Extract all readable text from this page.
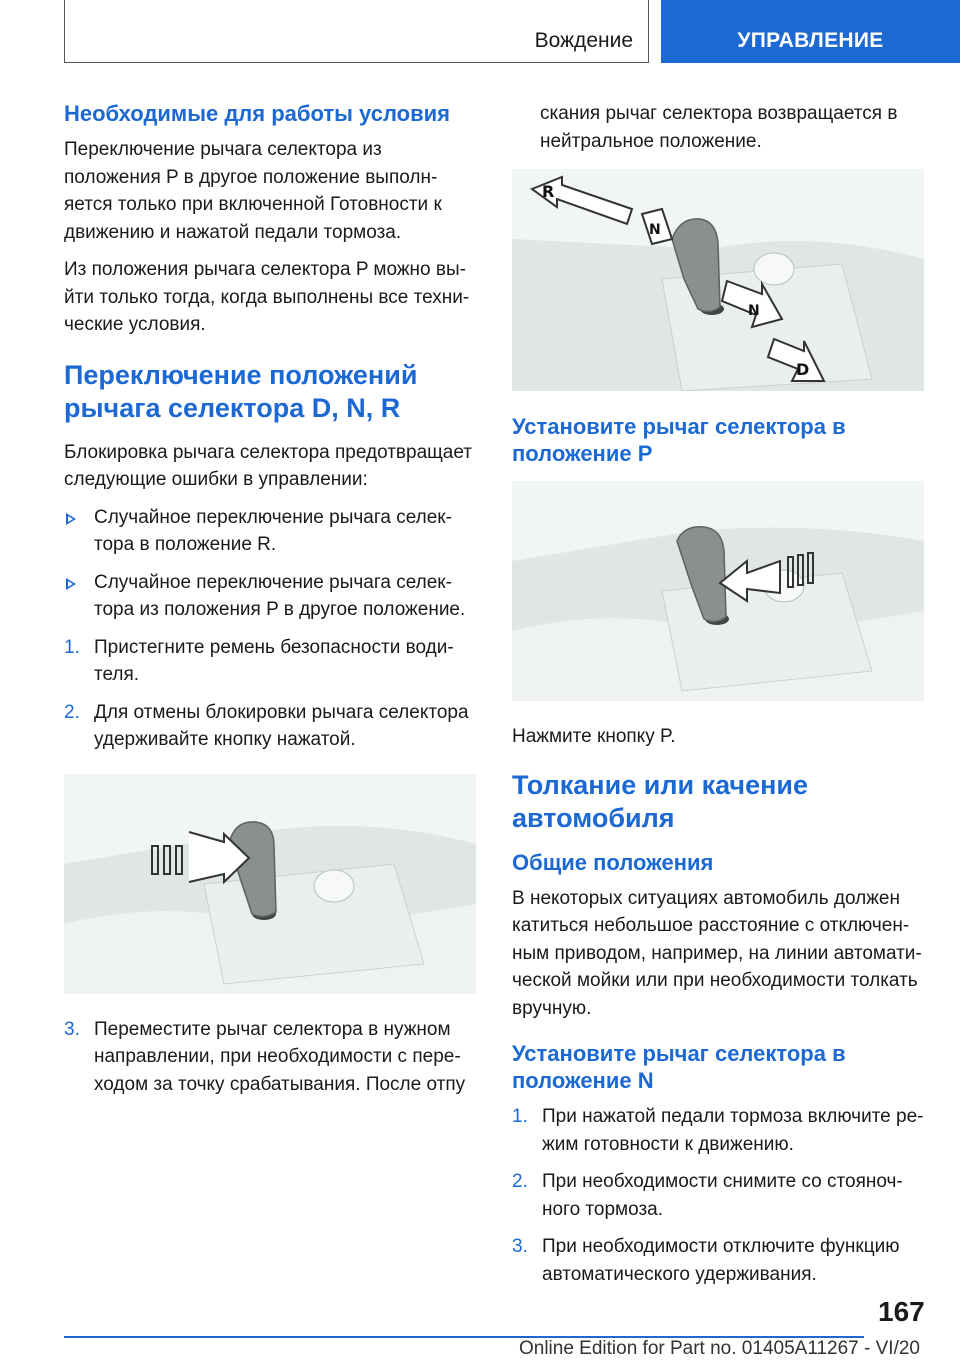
Вождение	УПРАВЛЕНИЕ
Необходимые для работы условия

Переключение рычага селектора из положения P в другое положение выполняется только при включенной Готовности к движению и нажатой педали тормоза.

Из положения рычага селектора P можно выйти только тогда, когда выполнены все технические условия.

Переключение положений рычага селектора D, N, R

Блокировка рычага селектора предотвращает следующие ошибки в управлении:

Случайное переключение рычага селектора в положение R.
Случайное переключение рычага селектора из положения P в другое положение.
1. Пристегните ремень безопасности водителя.
2. Для отмены блокировки рычага селектора удерживайте кнопку нажатой.
3. Переместите рычаг селектора в нужном направлении, при необходимости с переходом за точку срабатывания. После отпу

скания рычаг селектора возвращается в нейтральное положение.

R
N
N
D
Установите рычаг селектора в положение P

Нажмите кнопку P.

Толкание или качение автомобиля
Общие положения

В некоторых ситуациях автомобиль должен катиться небольшое расстояние с отключенным приводом, например, на линии автоматической мойки или при необходимости толкать вручную.

Установите рычаг селектора в положение N
1. При нажатой педали тормоза включите режим готовности к движению.
2. При необходимости снимите со стояночного тормоза.
3. При необходимости отключите функцию автоматического удерживания.
167
Online Edition for Part no. 01405A11267 - VI/20
